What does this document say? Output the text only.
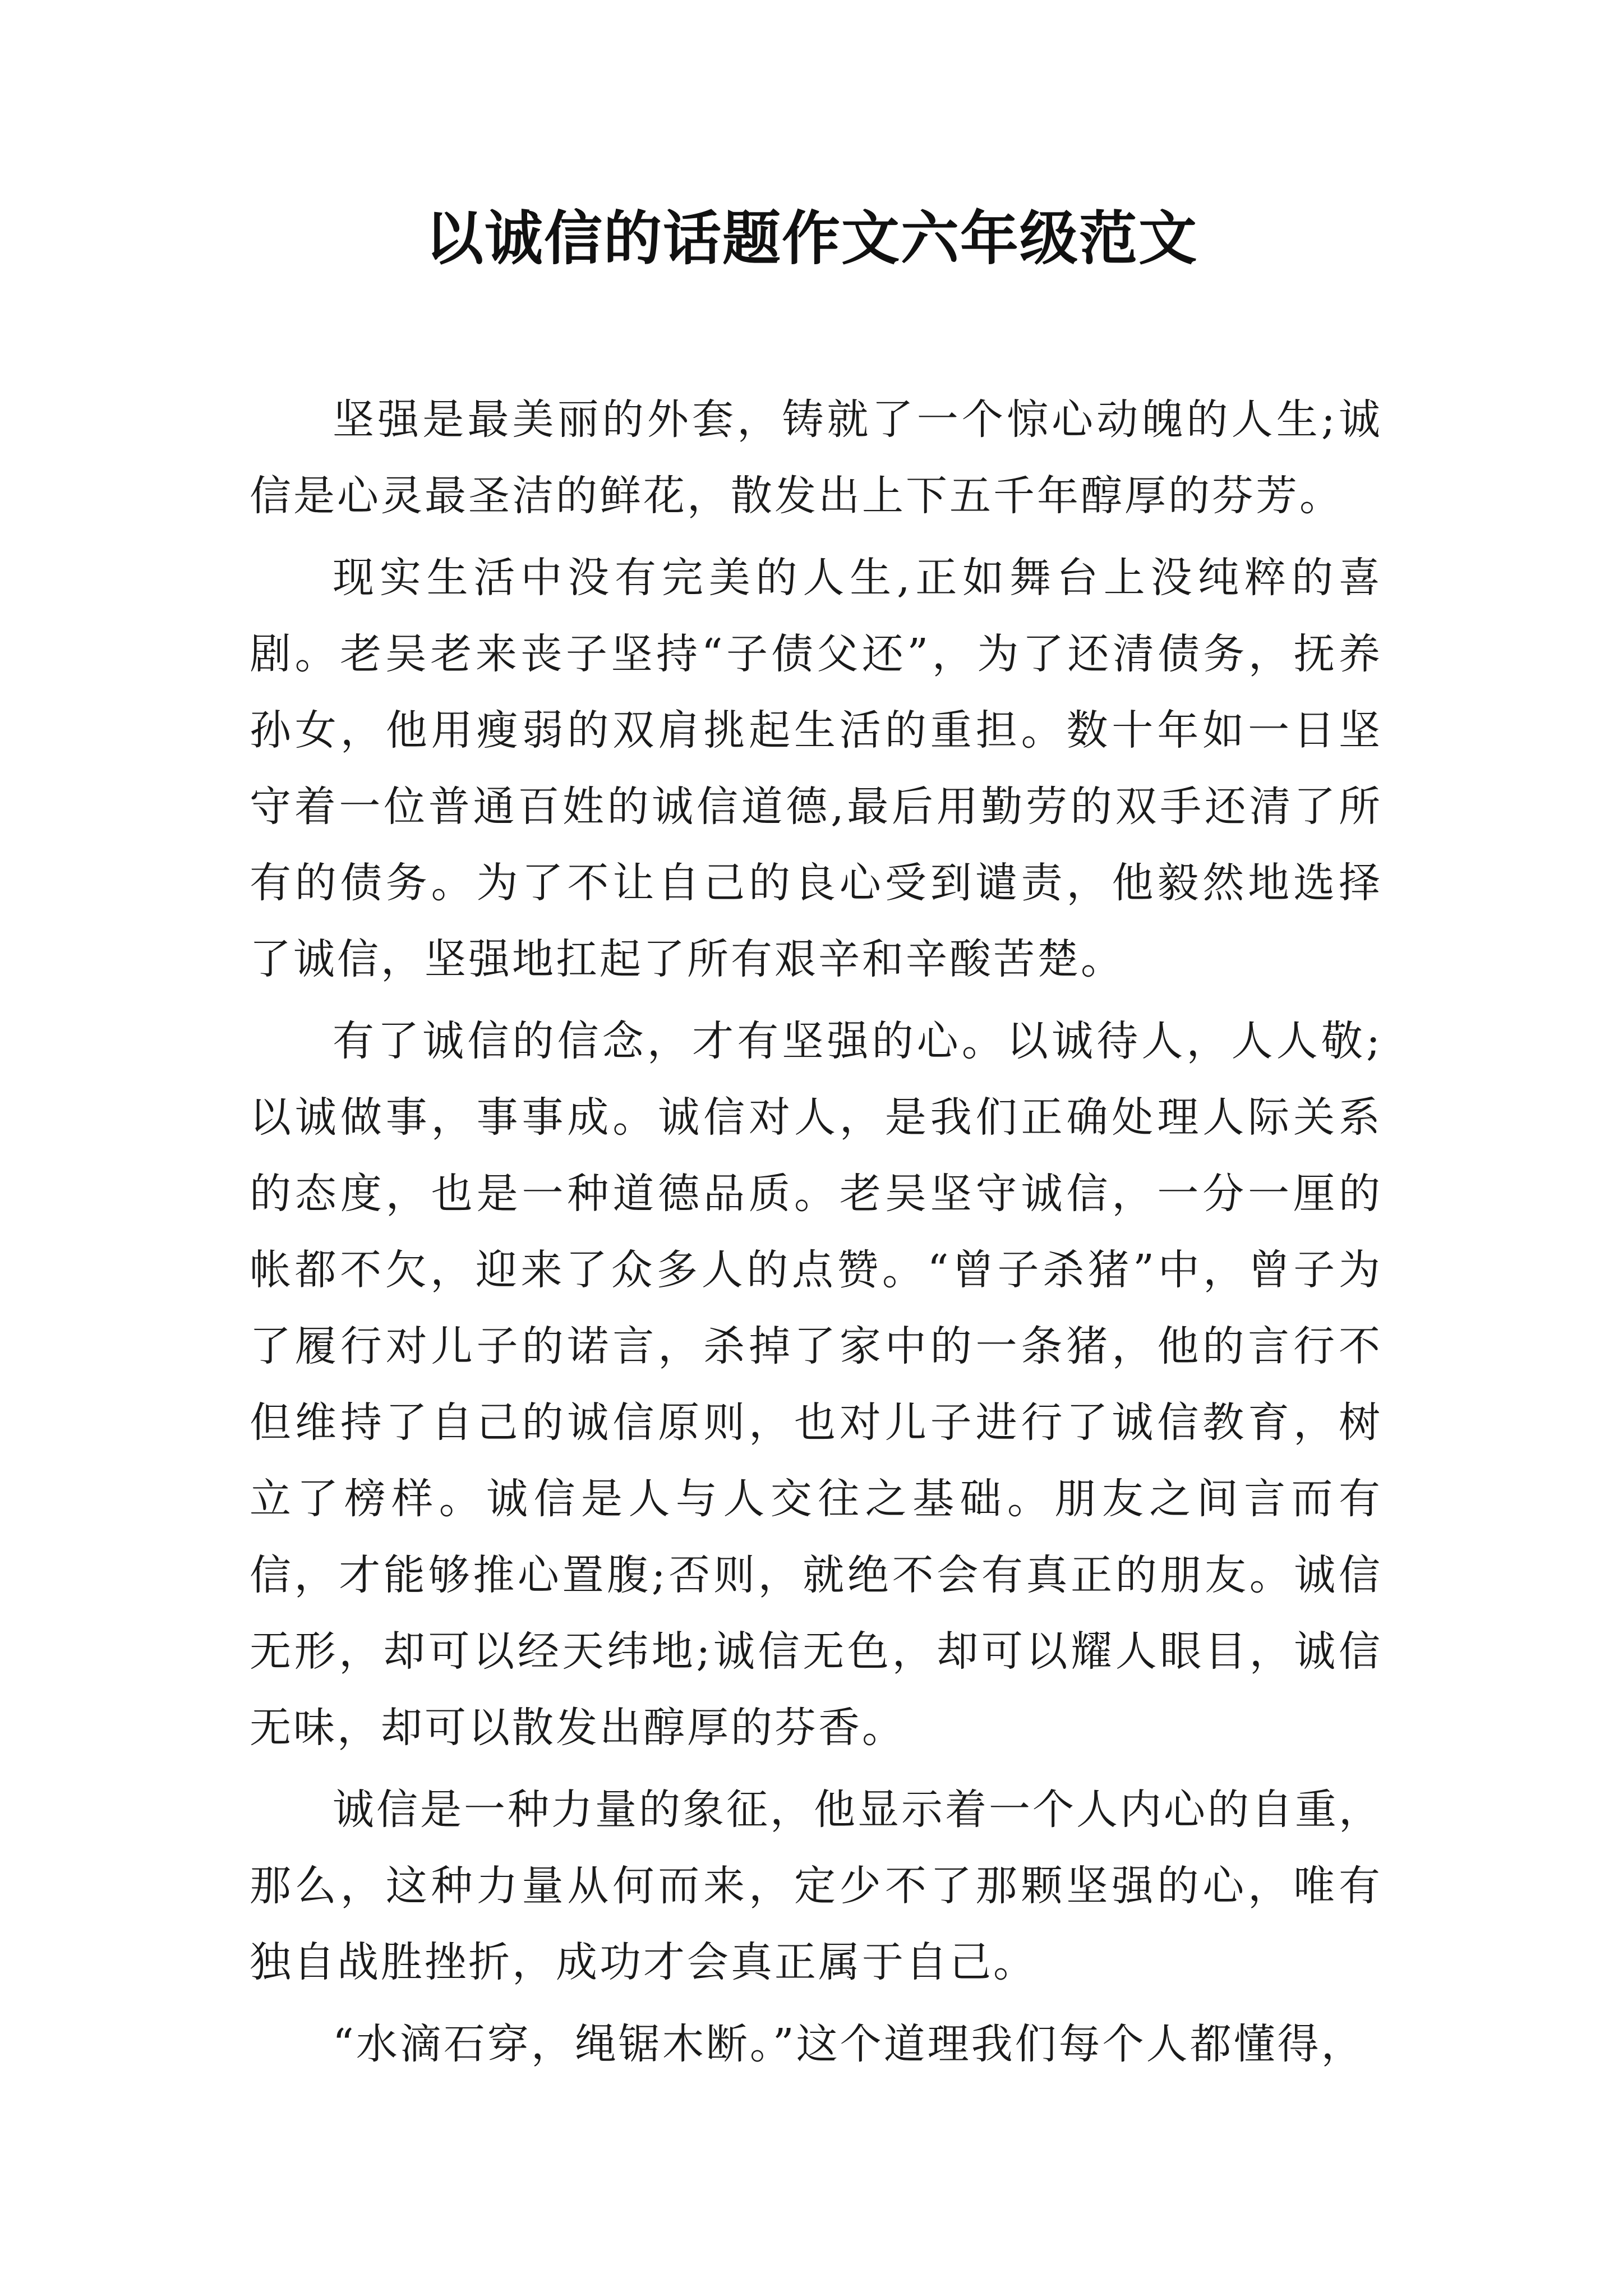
以诚信的话题作文六年级范文

坚强是最美丽的外套，铸就了一个惊心动魄的人生;诚信是心灵最圣洁的鲜花，散发出上下五千年醇厚的芬芳。

现实生活中没有完美的人生,正如舞台上没纯粹的喜剧。老吴老来丧子坚持“子债父还”，为了还清债务，抚养孙女，他用瘦弱的双肩挑起生活的重担。数十年如一日坚守着一位普通百姓的诚信道德,最后用勤劳的双手还清了所有的债务。为了不让自己的良心受到谴责，他毅然地选择了诚信，坚强地扛起了所有艰辛和辛酸苦楚。

有了诚信的信念，才有坚强的心。以诚待人，人人敬;以诚做事，事事成。诚信对人，是我们正确处理人际关系的态度，也是一种道德品质。老吴坚守诚信，一分一厘的帐都不欠，迎来了众多人的点赞。“曾子杀猪”中，曾子为了履行对儿子的诺言，杀掉了家中的一条猪，他的言行不但维持了自己的诚信原则，也对儿子进行了诚信教育，树立了榜样。诚信是人与人交往之基础。朋友之间言而有信，才能够推心置腹;否则，就绝不会有真正的朋友。诚信无形，却可以经天纬地;诚信无色，却可以耀人眼目，诚信无味，却可以散发出醇厚的芬香。

诚信是一种力量的象征，他显示着一个人内心的自重，那么，这种力量从何而来，定少不了那颗坚强的心，唯有独自战胜挫折，成功才会真正属于自己。

“水滴石穿，绳锯木断。”这个道理我们每个人都懂得，
